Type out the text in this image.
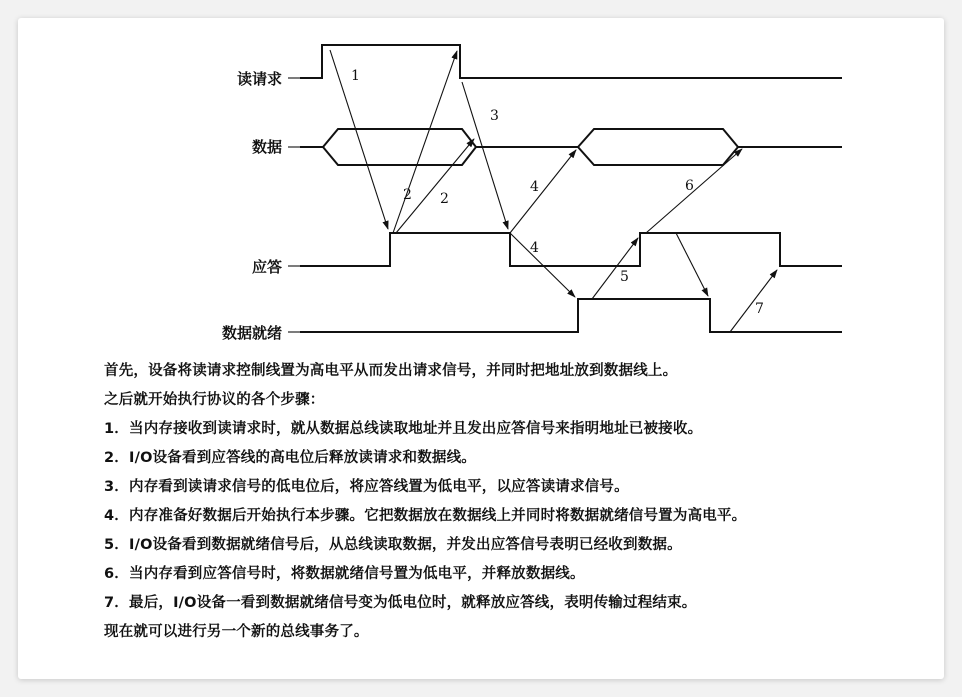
读请求
数据
应答
数据就绪
1
2 2
3
4
4
5
6
7
首先，设备将读请求控制线置为高电平从而发出请求信号，并同时把地址放到数据线上。
之后就开始执行协议的各个步骤：
1．当内存接收到读请求时，就从数据总线读取地址并且发出应答信号来指明地址已被接收。
2．I/O设备看到应答线的高电位后释放读请求和数据线。
3．内存看到读请求信号的低电位后，将应答线置为低电平，以应答读请求信号。
4．内存准备好数据后开始执行本步骤。它把数据放在数据线上并同时将数据就绪信号置为高电平。
5．I/O设备看到数据就绪信号后，从总线读取数据，并发出应答信号表明已经收到数据。
6．当内存看到应答信号时，将数据就绪信号置为低电平，并释放数据线。
7．最后，I/O设备一看到数据就绪信号变为低电位时，就释放应答线，表明传输过程结束。
现在就可以进行另一个新的总线事务了。
